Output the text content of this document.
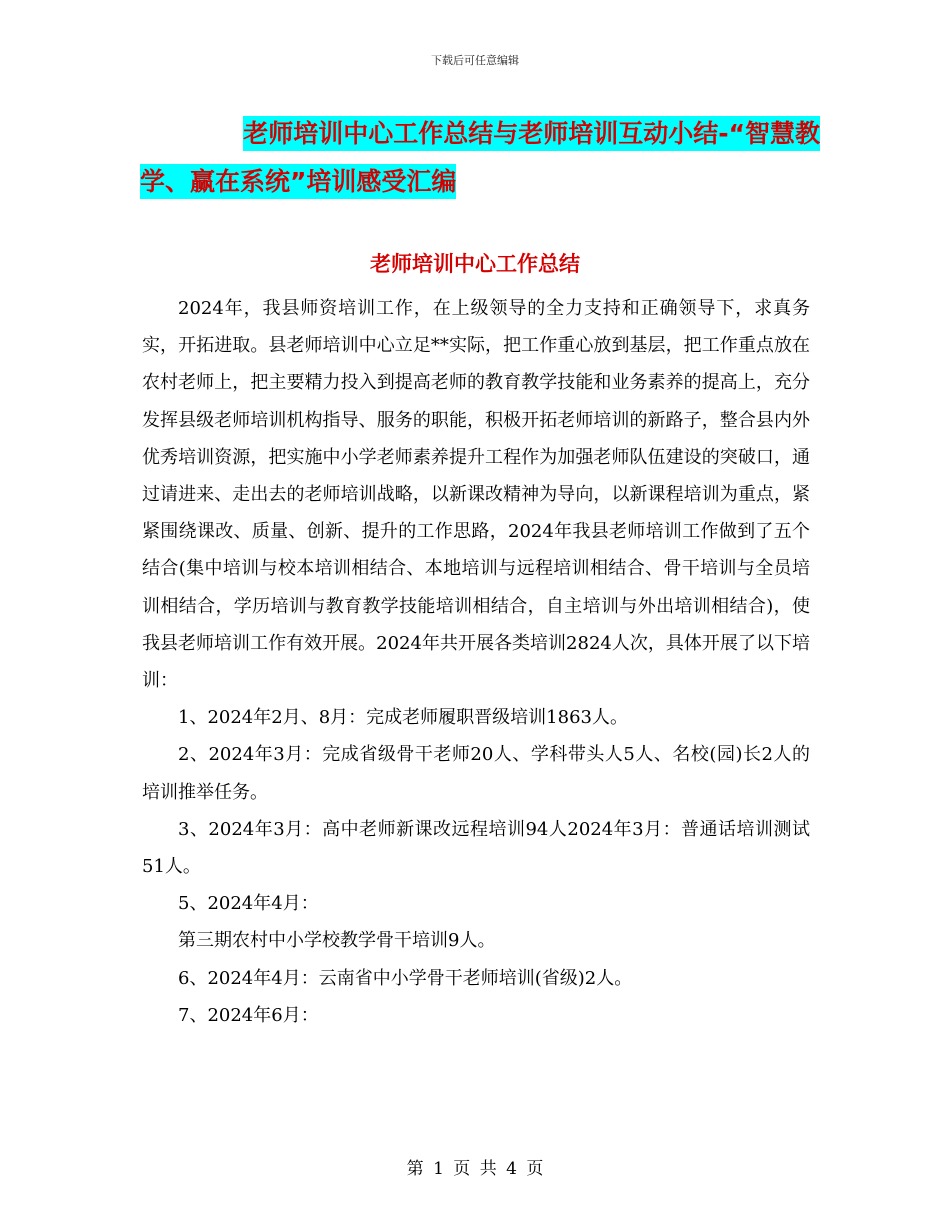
下载后可任意编辑
老师培训中心工作总结与老师培训互动小结-“智慧教
学、赢在系统”培训感受汇编
老师培训中心工作总结

2024年，我县师资培训工作，在上级领导的全力支持和正确领导下，求真务实，开拓进取。县老师培训中心立足**实际，把工作重心放到基层，把工作重点放在农村老师上，把主要精力投入到提高老师的教育教学技能和业务素养的提高上，充分发挥县级老师培训机构指导、服务的职能，积极开拓老师培训的新路子，整合县内外优秀培训资源，把实施中小学老师素养提升工程作为加强老师队伍建设的突破口，通过请进来、走出去的老师培训战略，以新课改精神为导向，以新课程培训为重点，紧紧围绕课改、质量、创新、提升的工作思路，2024年我县老师培训工作做到了五个结合(集中培训与校本培训相结合、本地培训与远程培训相结合、骨干培训与全员培训相结合，学历培训与教育教学技能培训相结合，自主培训与外出培训相结合)，使我县老师培训工作有效开展。2024年共开展各类培训2824人次，具体开展了以下培训：

1、2024年2月、8月：完成老师履职晋级培训1863人。

2、2024年3月：完成省级骨干老师20人、学科带头人5人、名校(园)长2人的培训推举任务。

3、2024年3月：高中老师新课改远程培训94人2024年3月：普通话培训测试51人。

5、2024年4月：

第三期农村中小学校教学骨干培训9人。

6、2024年4月：云南省中小学骨干老师培训(省级)2人。

7、2024年6月：

第 1 页 共 4 页
